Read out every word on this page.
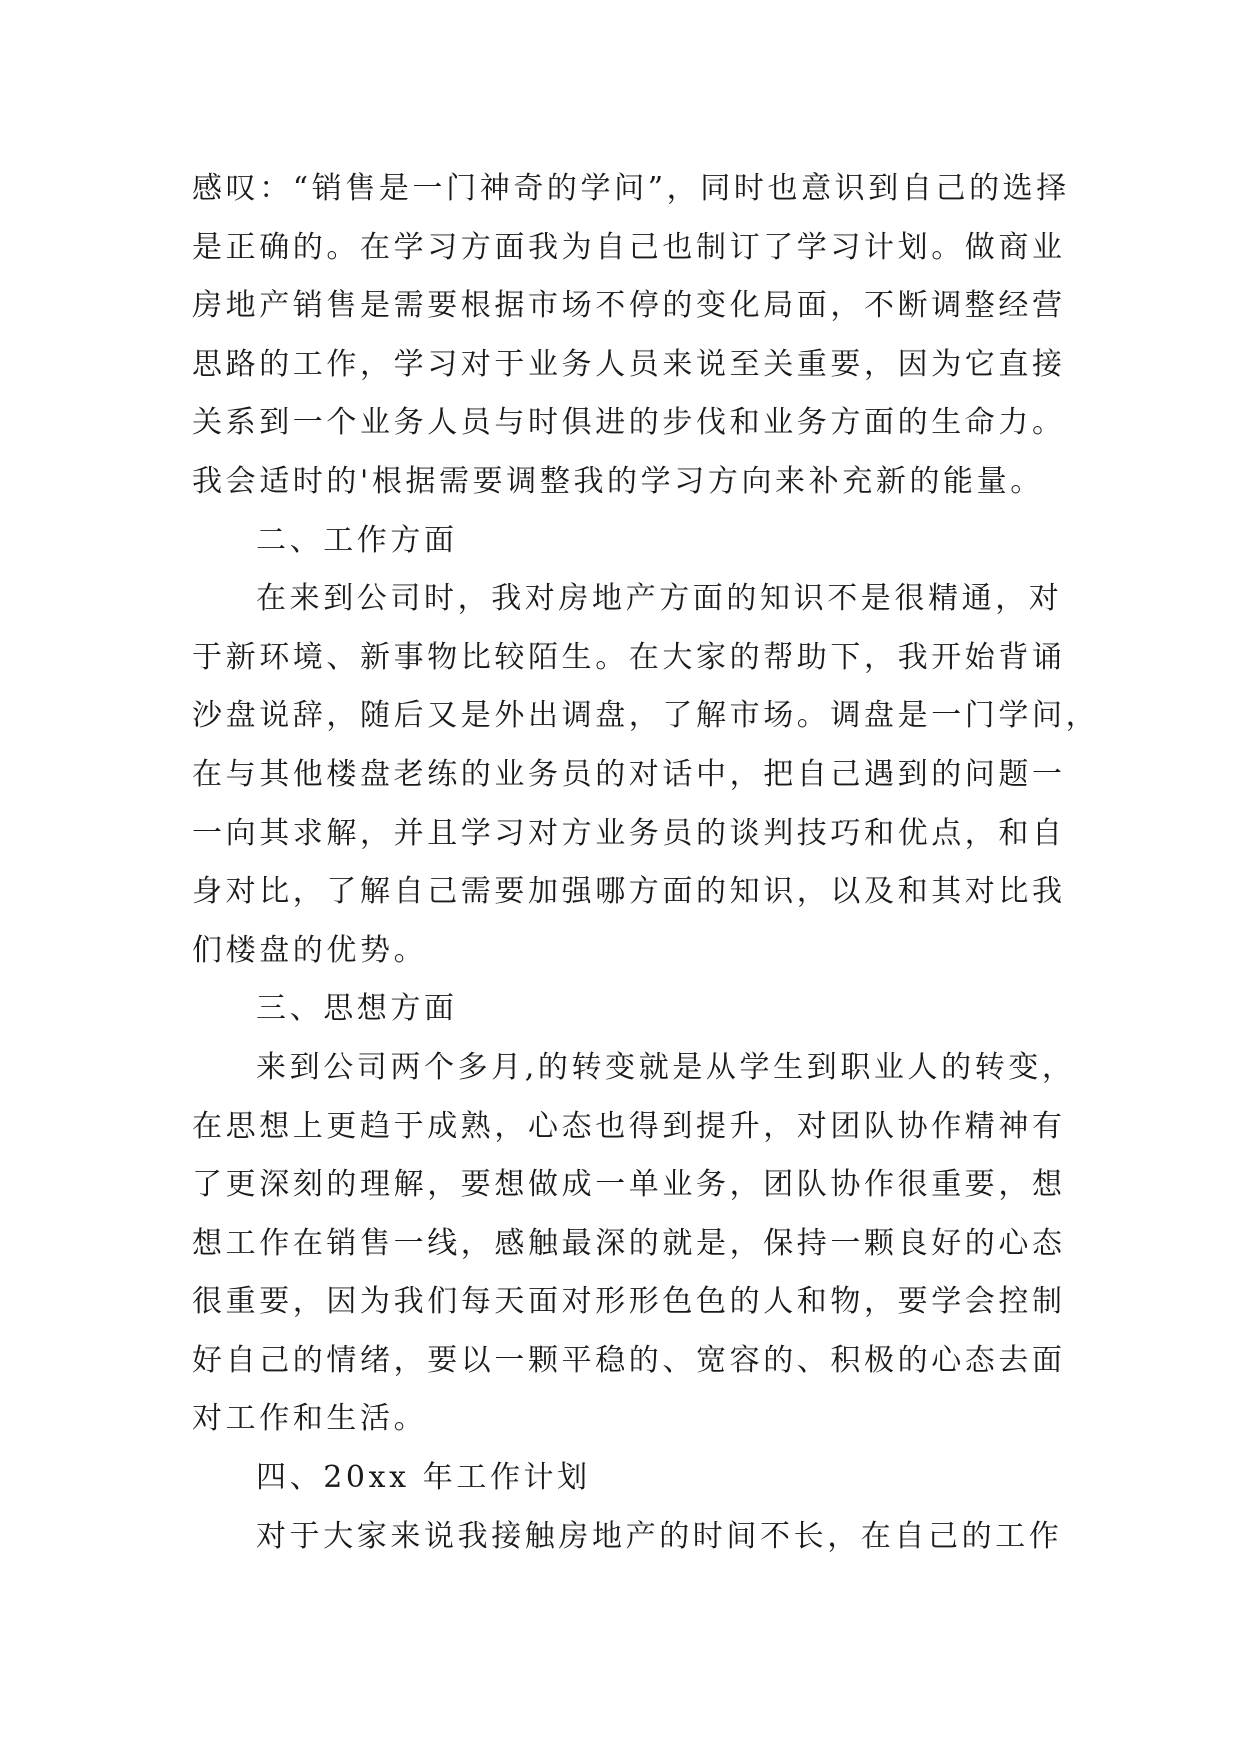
感叹：“销售是一门神奇的学问”，同时也意识到自己的选择
是正确的。在学习方面我为自己也制订了学习计划。做商业
房地产销售是需要根据市场不停的变化局面，不断调整经营
思路的工作，学习对于业务人员来说至关重要，因为它直接
关系到一个业务人员与时俱进的步伐和业务方面的生命力。
我会适时的'根据需要调整我的学习方向来补充新的能量。
二、工作方面
在来到公司时，我对房地产方面的知识不是很精通，对
于新环境、新事物比较陌生。在大家的帮助下，我开始背诵
沙盘说辞，随后又是外出调盘，了解市场。调盘是一门学问，
在与其他楼盘老练的业务员的对话中，把自己遇到的问题一
一向其求解，并且学习对方业务员的谈判技巧和优点，和自
身对比，了解自己需要加强哪方面的知识，以及和其对比我
们楼盘的优势。
三、思想方面
来到公司两个多月,的转变就是从学生到职业人的转变，
在思想上更趋于成熟，心态也得到提升，对团队协作精神有
了更深刻的理解，要想做成一单业务，团队协作很重要，想
想工作在销售一线，感触最深的就是，保持一颗良好的心态
很重要，因为我们每天面对形形色色的人和物，要学会控制
好自己的情绪，要以一颗平稳的、宽容的、积极的心态去面
对工作和生活。
四、20xx 年工作计划
对于大家来说我接触房地产的时间不长，在自己的工作
